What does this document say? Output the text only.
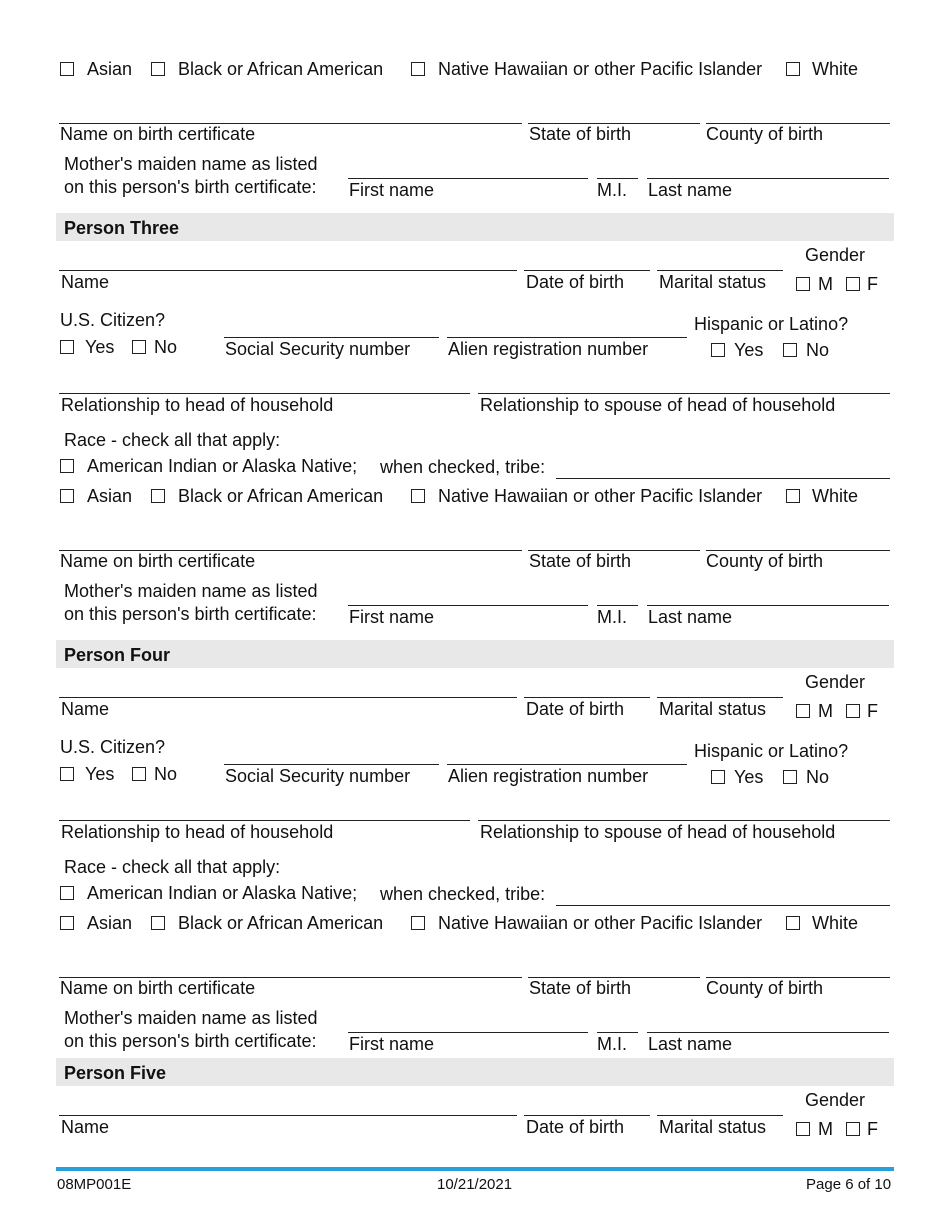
Asian	Black or African American	Native Hawaiian or other Pacific Islander	White
Name on birth certificate	State of birth	County of birth
Mother's maiden name as listed
on this person's birth certificate: First name	M.I. Last name
Person Three
Gender
Name	Date of birth Marital status	M F
U.S. Citizen?	Hispanic or Latino?
Yes No	Social Security number Alien registration number	Yes No
Relationship to head of household	Relationship to spouse of head of household
Race - check all that apply:
American Indian or Alaska Native; when checked, tribe:
Asian	Black or African American	Native Hawaiian or other Pacific Islander	White
Name on birth certificate	State of birth	County of birth
Mother's maiden name as listed
on this person's birth certificate: First name	M.I. Last name
Person Four
Gender
Name	Date of birth Marital status	M F
U.S. Citizen?	Hispanic or Latino?
Yes No	Social Security number Alien registration number	Yes No
Relationship to head of household	Relationship to spouse of head of household
Race - check all that apply:
American Indian or Alaska Native; when checked, tribe:
Asian	Black or African American	Native Hawaiian or other Pacific Islander	White
Name on birth certificate	State of birth	County of birth
Mother's maiden name as listed
on this person's birth certificate: First name	M.I. Last name
Person Five
Gender
Name	Date of birth Marital status	M F
08MP001E	10/21/2021	Page 6 of 10
